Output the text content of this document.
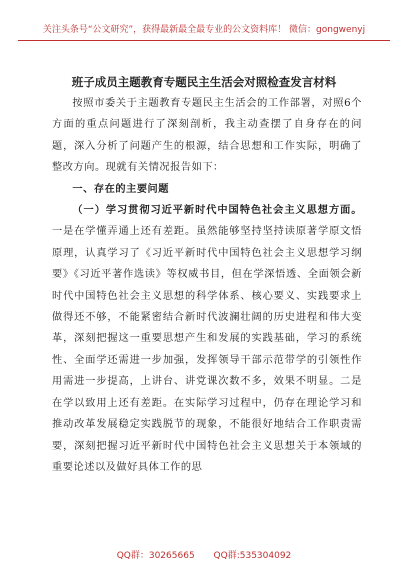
关注头条号“公文研究”，获得最新最全最专业的公文资料库！ 微信：gongwenyj
班子成员主题教育专题民主生活会对照检查发言材料

按照市委关于主题教育专题民主生活会的工作部署，对照6个方面的重点问题进行了深刻剖析，我主动查摆了自身存在的问题，深入分析了问题产生的根源，结合思想和工作实际，明确了整改方向。现就有关情况报告如下：

一、存在的主要问题

（一）学习贯彻习近平新时代中国特色社会主义思想方面。一是在学懂弄通上还有差距。虽然能够坚持坚持读原著学原文悟原理，认真学习了《习近平新时代中国特色社会主义思想学习纲要》《习近平著作选读》等权威书目，但在学深悟透、全面领会新时代中国特色社会主义思想的科学体系、核心要义、实践要求上做得还不够，不能紧密结合新时代波澜壮阔的历史进程和伟大变革，深刻把握这一重要思想产生和发展的实践基础，学习的系统性、全面学还需进一步加强，发挥领导干部示范带学的引领性作用需进一步提高，上讲台、讲党课次数不多，效果不明显。二是在学以致用上还有差距。在实际学习过程中，仍存在理论学习和推动改革发展稳定实践脱节的现象，不能很好地结合工作职责需要，深刻把握习近平新时代中国特色社会主义思想关于本领域的重要论述以及做好具体工作的思

QQ群：30265665 QQ群:535304092
